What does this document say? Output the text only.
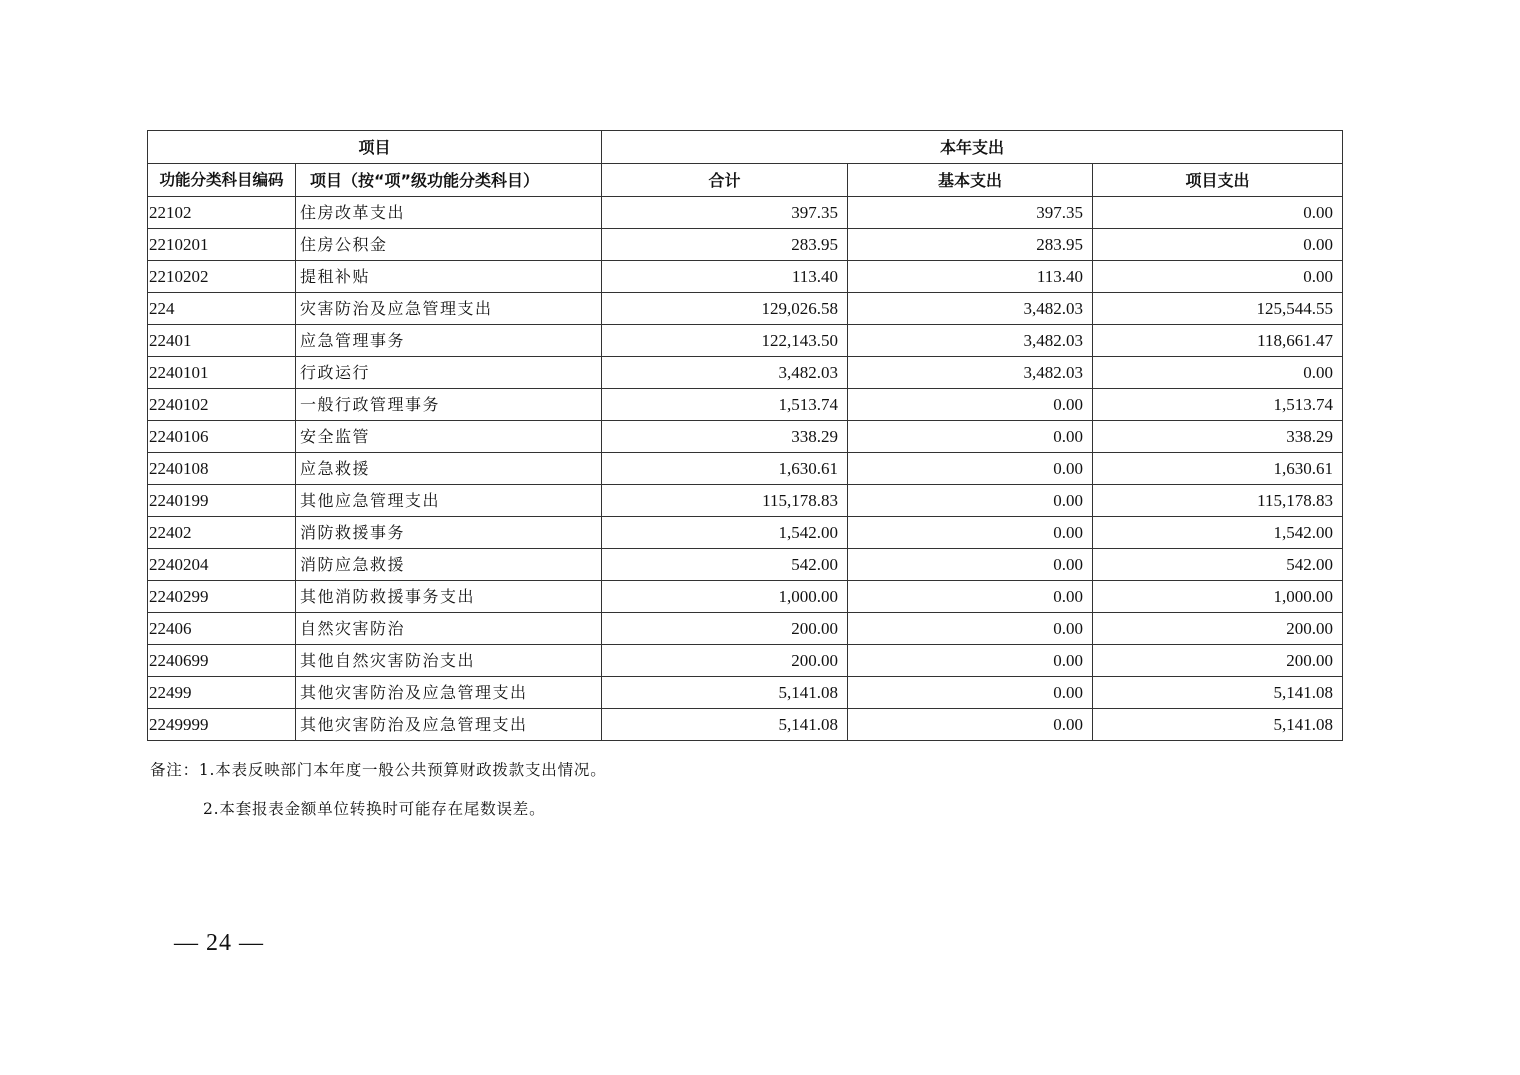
项目		本年支出		
功能分类科目编码	项目（按“项”级功能分类科目）	合计	基本支出	项目支出
22102	住房改革支出	397.35	397.35	0.00
2210201	住房公积金	283.95	283.95	0.00
2210202	提租补贴	113.40	113.40	0.00
224	灾害防治及应急管理支出	129,026.58	3,482.03	125,544.55
22401	应急管理事务	122,143.50	3,482.03	118,661.47
2240101	行政运行	3,482.03	3,482.03	0.00
2240102	一般行政管理事务	1,513.74	0.00	1,513.74
2240106	安全监管	338.29	0.00	338.29
2240108	应急救援	1,630.61	0.00	1,630.61
2240199	其他应急管理支出	115,178.83	0.00	115,178.83
22402	消防救援事务	1,542.00	0.00	1,542.00
2240204	消防应急救援	542.00	0.00	542.00
2240299	其他消防救援事务支出	1,000.00	0.00	1,000.00
22406	自然灾害防治	200.00	0.00	200.00
2240699	其他自然灾害防治支出	200.00	0.00	200.00
22499	其他灾害防治及应急管理支出	5,141.08	0.00	5,141.08
2249999	其他灾害防治及应急管理支出	5,141.08	0.00	5,141.08
备注：1.本表反映部门本年度一般公共预算财政拨款支出情况。
2.本套报表金额单位转换时可能存在尾数误差。
— 24 —
